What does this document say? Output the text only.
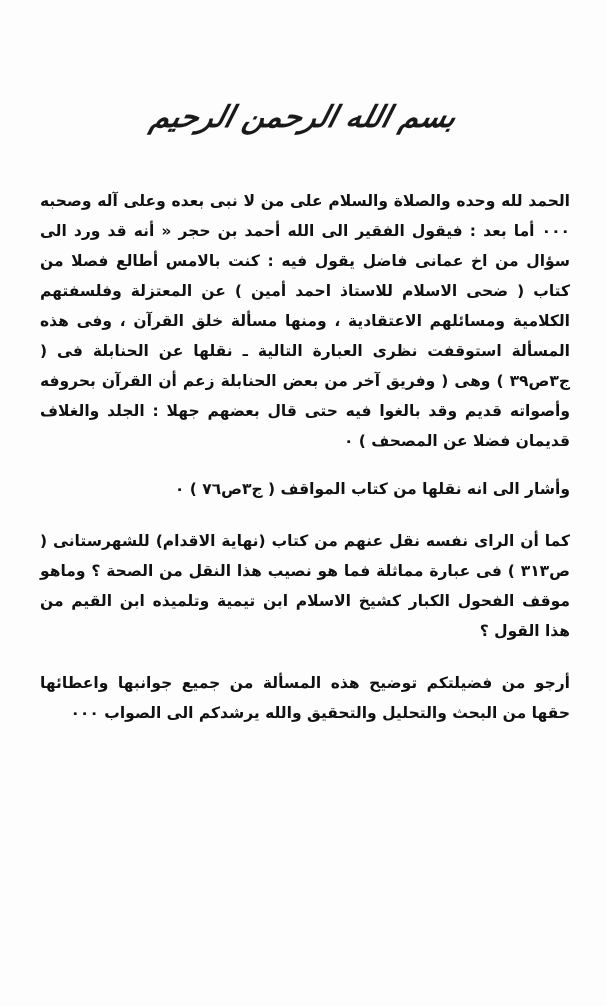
بسم الله الرحمن الرحيم

الحمد لله وحده والصلاة والسلام على من لا نبى بعده وعلى آله وصحبه ٠٠٠ أما بعد : فيقول الفقير الى الله أحمد بن حجر « أنه قد ورد الى سؤال من اخ عمانى فاضل يقول فيه : كنت بالامس أطالع فصلا من كتاب ( ضحى الاسلام للاستاذ احمد أمين ) عن المعتزلة وفلسفتهم الكلامية ومسائلهم الاعتقادية ، ومنها مسألة خلق القرآن ، وفى هذه المسألة استوقفت نظرى العبارة التالية ـ نقلها عن الحنابلة فى ( ج٣ص٣٩ ) وهى ( وفريق آخر من بعض الحنابلة زعم أن القرآن بحروفه وأصواته قديم وقد بالغوا فيه حتى قال بعضهم جهلا : الجلد والغلاف قديمان فضلا عن المصحف ) ٠

وأشار الى انه نقلها من كتاب المواقف ( ج٣ص٧٦ ) ٠

كما أن الراى نفسه نقل عنهم من كتاب (نهاية الاقدام) للشهرستانى ( ص٣١٣ ) فى عبارة مماثلة فما هو نصيب هذا النقل من الصحة ؟ وماهو موقف الفحول الكبار كشيخ الاسلام ابن تيمية وتلميذه ابن القيم من هذا القول ؟

أرجو من فضيلتكم توضيح هذه المسألة من جميع جوانبها واعطائها حقها من البحث والتحليل والتحقيق والله يرشدكم الى الصواب ٠٠٠
